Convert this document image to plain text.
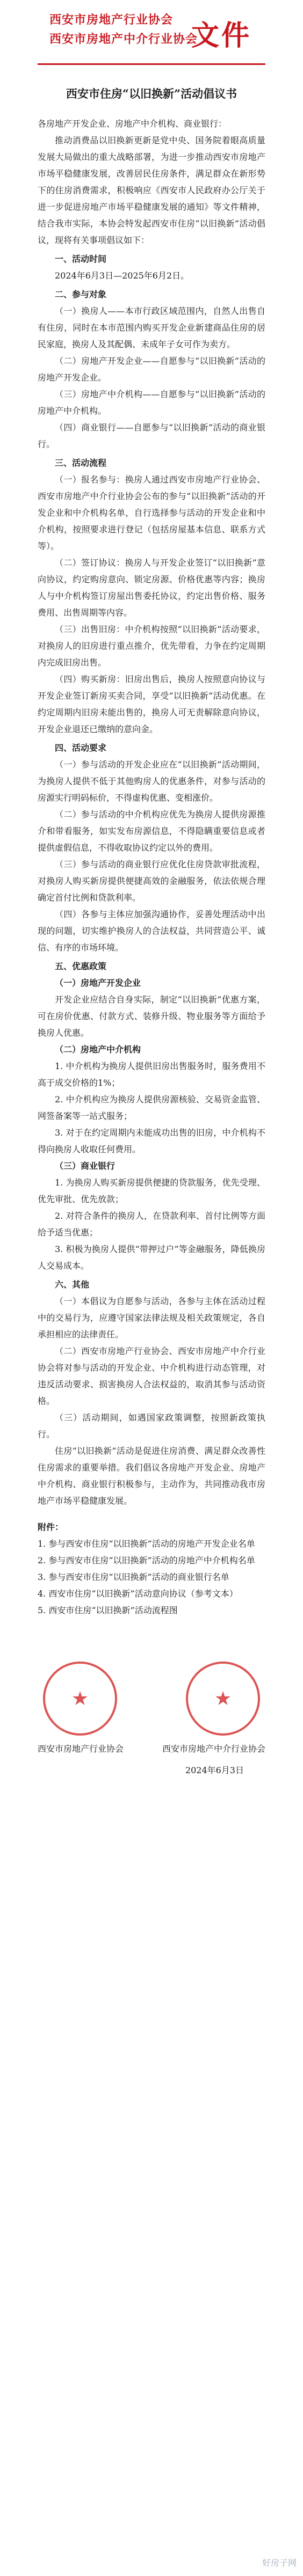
西安市房地产行业协会
西安市房地产中介行业协会
文件
西安市住房“以旧换新”活动倡议书

各房地产开发企业、房地产中介机构、商业银行：

推动消费品以旧换新更新是党中央、国务院着眼高质量发展大局做出的重大战略部署，为进一步推动西安市房地产市场平稳健康发展，改善居民住房条件，满足群众在新形势下的住房消费需求，积极响应《西安市人民政府办公厅关于进一步促进房地产市场平稳健康发展的通知》等文件精神，结合我市实际，本协会特发起西安市住房“以旧换新”活动倡议，现将有关事项倡议如下：

一、活动时间

2024年6月3日—2025年6月2日。

二、参与对象

（一）换房人——本市行政区域范围内，自然人出售自有住房，同时在本市范围内购买开发企业新建商品住房的居民家庭，换房人及其配偶、未成年子女可作为卖方。

（二）房地产开发企业——自愿参与“以旧换新”活动的房地产开发企业。

（三）房地产中介机构——自愿参与“以旧换新”活动的房地产中介机构。

（四）商业银行——自愿参与“以旧换新”活动的商业银行。

三、活动流程

（一）报名参与：换房人通过西安市房地产行业协会、西安市房地产中介行业协会公布的参与“以旧换新”活动的开发企业和中介机构名单，自行选择参与活动的开发企业和中介机构，按照要求进行登记（包括房屋基本信息、联系方式等）。

（二）签订协议：换房人与开发企业签订“以旧换新”意向协议，约定购房意向、锁定房源、价格优惠等内容；换房人与中介机构签订房屋出售委托协议，约定出售价格、服务费用、出售周期等内容。

（三）出售旧房：中介机构按照“以旧换新”活动要求，对换房人的旧房进行重点推介，优先带看，力争在约定周期内完成旧房出售。

（四）购买新房：旧房出售后，换房人按照意向协议与开发企业签订新房买卖合同，享受“以旧换新”活动优惠。在约定周期内旧房未能出售的，换房人可无责解除意向协议，开发企业退还已缴纳的意向金。

四、活动要求

（一）参与活动的开发企业应在“以旧换新”活动期间，为换房人提供不低于其他购房人的优惠条件，对参与活动的房源实行明码标价，不得虚构优惠、变相涨价。

（二）参与活动的中介机构应优先为换房人提供房源推介和带看服务，如实发布房源信息，不得隐瞒重要信息或者提供虚假信息，不得收取协议约定以外的费用。

（三）参与活动的商业银行应优化住房贷款审批流程，对换房人购买新房提供便捷高效的金融服务，依法依规合理确定首付比例和贷款利率。

（四）各参与主体应加强沟通协作，妥善处理活动中出现的问题，切实维护换房人的合法权益，共同营造公平、诚信、有序的市场环境。

五、优惠政策

（一）房地产开发企业

开发企业应结合自身实际，制定“以旧换新”优惠方案，可在房价优惠、付款方式、装修升级、物业服务等方面给予换房人优惠。

（二）房地产中介机构

1. 中介机构为换房人提供旧房出售服务时，服务费用不高于成交价格的1%；

2. 中介机构应为换房人提供房源核验、交易资金监管、网签备案等一站式服务；

3. 对于在约定周期内未能成功出售的旧房，中介机构不得向换房人收取任何费用。

（三）商业银行

1. 为换房人购买新房提供便捷的贷款服务，优先受理、优先审批、优先放款；

2. 对符合条件的换房人，在贷款利率、首付比例等方面给予适当优惠；

3. 积极为换房人提供“带押过户”等金融服务，降低换房人交易成本。

六、其他

（一）本倡议为自愿参与活动，各参与主体在活动过程中的交易行为，应遵守国家法律法规及相关政策规定，各自承担相应的法律责任。

（二）西安市房地产行业协会、西安市房地产中介行业协会将对参与活动的开发企业、中介机构进行动态管理，对违反活动要求、损害换房人合法权益的，取消其参与活动资格。

（三）活动期间，如遇国家政策调整，按照新政策执行。

住房“以旧换新”活动是促进住房消费、满足群众改善性住房需求的重要举措。我们倡议各房地产开发企业、房地产中介机构、商业银行积极参与，主动作为，共同推动我市房地产市场平稳健康发展。

附件：

1. 参与西安市住房“以旧换新”活动的房地产开发企业名单

2. 参与西安市住房“以旧换新”活动的房地产中介机构名单

3. 参与西安市住房“以旧换新”活动的商业银行名单

4. 西安市住房“以旧换新”活动意向协议（参考文本）

5. 西安市住房“以旧换新”活动流程图

★	★
西安市房地产行业协会	西安市房地产中介行业协会
2024年6月3日
好房子网
